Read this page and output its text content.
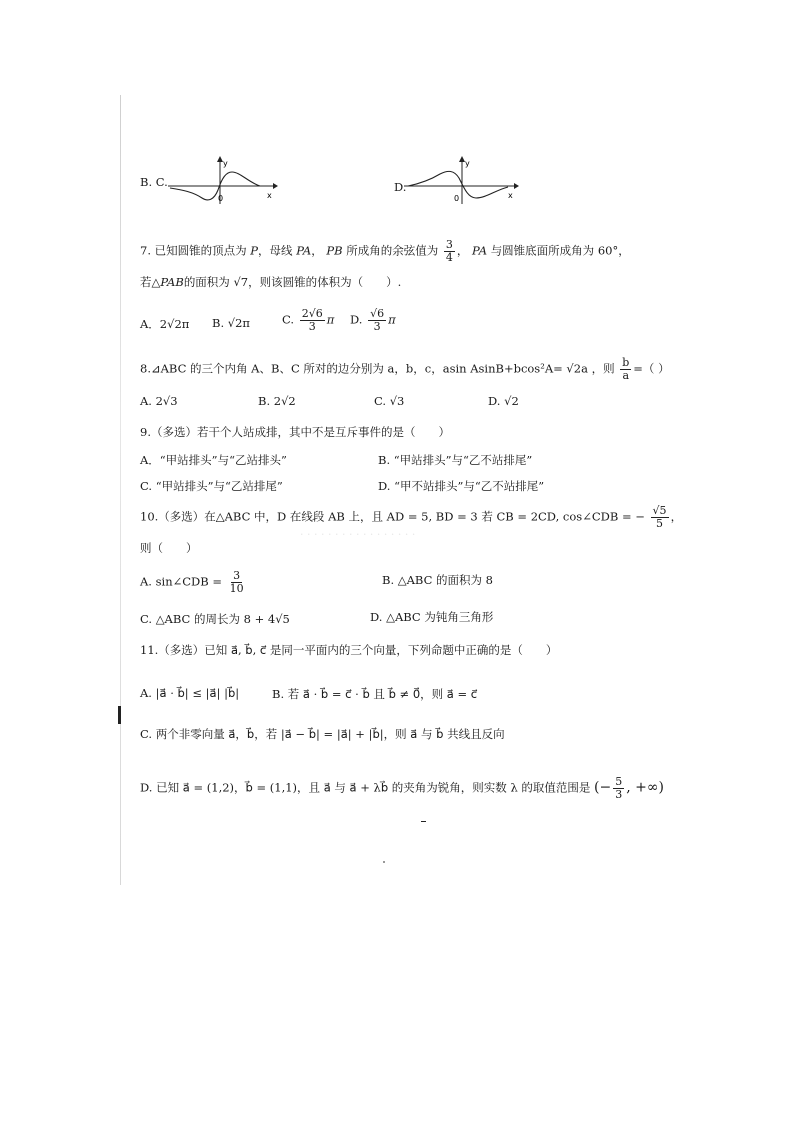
B. C.
y
x
0
D.
y
x
0
7. 已知圆锥的顶点为 P，母线 PA， PB 所成角的余弦值为 $\frac{3}{4}$ ， PA 与圆锥底面所成角为 60°，
若△PAB的面积为 √7，则该圆锥的体积为（　　）.
A．2√2π B. √2π	C. $\frac{2√6}{3}$ π D. $\frac{√6}{3}$ π
8.⊿ABC 的三个内角 A、B、C 所对的边分别为 a，b，c，asin AsinB+bcos²A= √2a ，则 $\frac{b}{a}$ =（ ）
A. 2√3	B. 2√2	C. √3	D. √2
9.（多选）若干个人站成排，其中不是互斥事件的是（　　）
A．“甲站排头”与“乙站排头”	B. “甲站排头”与“乙不站排尾”
C. “甲站排头”与“乙站排尾”	D. “甲不站排头”与“乙不站排尾”
10.（多选）在△ABC 中，D 在线段 AB 上，且 AD = 5, BD = 3 若 CB = 2CD, cos∠CDB = − $\frac{√5}{5}$ ，
· · · · · · · · · · · · · · · · ·
则（　　）
A. sin∠CDB = $\frac{3}{10}$	B. △ABC 的面积为 8
C. △ABC 的周长为 8 + 4√5	D. △ABC 为钝角三角形
11.（多选）已知 a⃗, b⃗, c⃗ 是同一平面内的三个向量，下列命题中正确的是（　　）
A. |a⃗ · b⃗| ≤ |a⃗| |b⃗|	B. 若 a⃗ · b⃗ = c⃗ · b⃗ 且 b⃗ ≠ 0⃗，则 a⃗ = c⃗
C. 两个非零向量 a⃗，b⃗，若 |a⃗ − b⃗| = |a⃗| + |b⃗|，则 a⃗ 与 b⃗ 共线且反向
D. 已知 a⃗ = (1,2)，b⃗ = (1,1)，且 a⃗ 与 a⃗ + λb⃗ 的夹角为锐角，则实数 λ 的取值范围是 (− $\frac{5}{3}$ , +∞)
